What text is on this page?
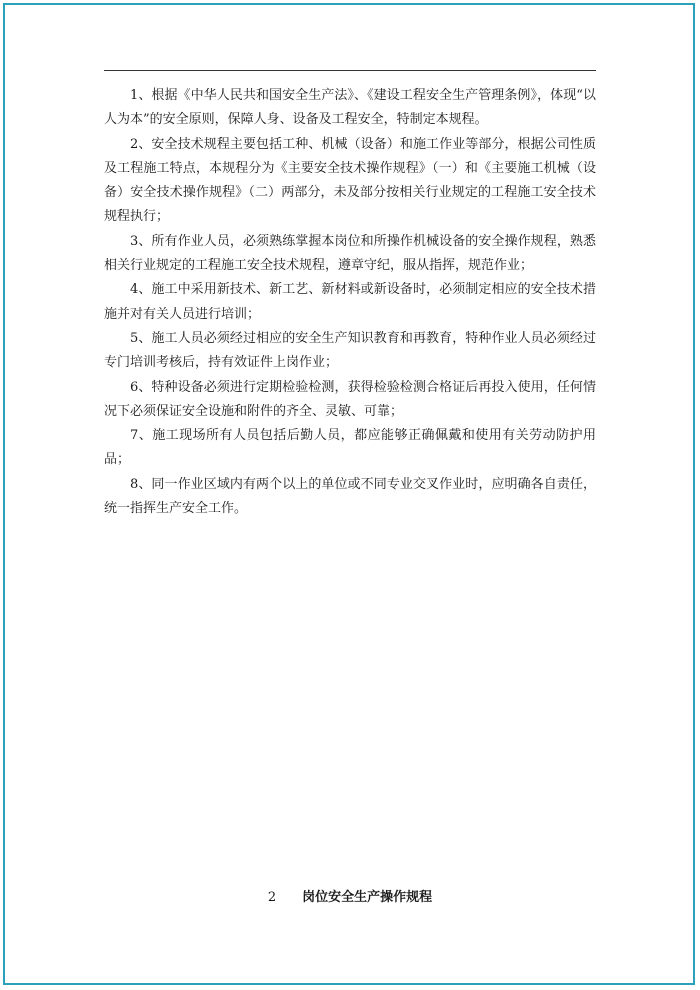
1、根据《中华人民共和国安全生产法》、《建设工程安全生产管理条例》，体现“以人为本”的安全原则，保障人身、设备及工程安全，特制定本规程。

2、安全技术规程主要包括工种、机械（设备）和施工作业等部分，根据公司性质及工程施工特点，本规程分为《主要安全技术操作规程》（一）和《主要施工机械（设备）安全技术操作规程》（二）两部分，未及部分按相关行业规定的工程施工安全技术规程执行；

3、所有作业人员，必须熟练掌握本岗位和所操作机械设备的安全操作规程，熟悉相关行业规定的工程施工安全技术规程，遵章守纪，服从指挥，规范作业；

4、施工中采用新技术、新工艺、新材料或新设备时，必须制定相应的安全技术措施并对有关人员进行培训；

5、施工人员必须经过相应的安全生产知识教育和再教育，特种作业人员必须经过专门培训考核后，持有效证件上岗作业；

6、特种设备必须进行定期检验检测，获得检验检测合格证后再投入使用，任何情况下必须保证安全设施和附件的齐全、灵敏、可靠；

7、施工现场所有人员包括后勤人员，都应能够正确佩戴和使用有关劳动防护用品；

8、同一作业区域内有两个以上的单位或不同专业交叉作业时，应明确各自责任，统一指挥生产安全工作。

2 岗位安全生产操作规程
